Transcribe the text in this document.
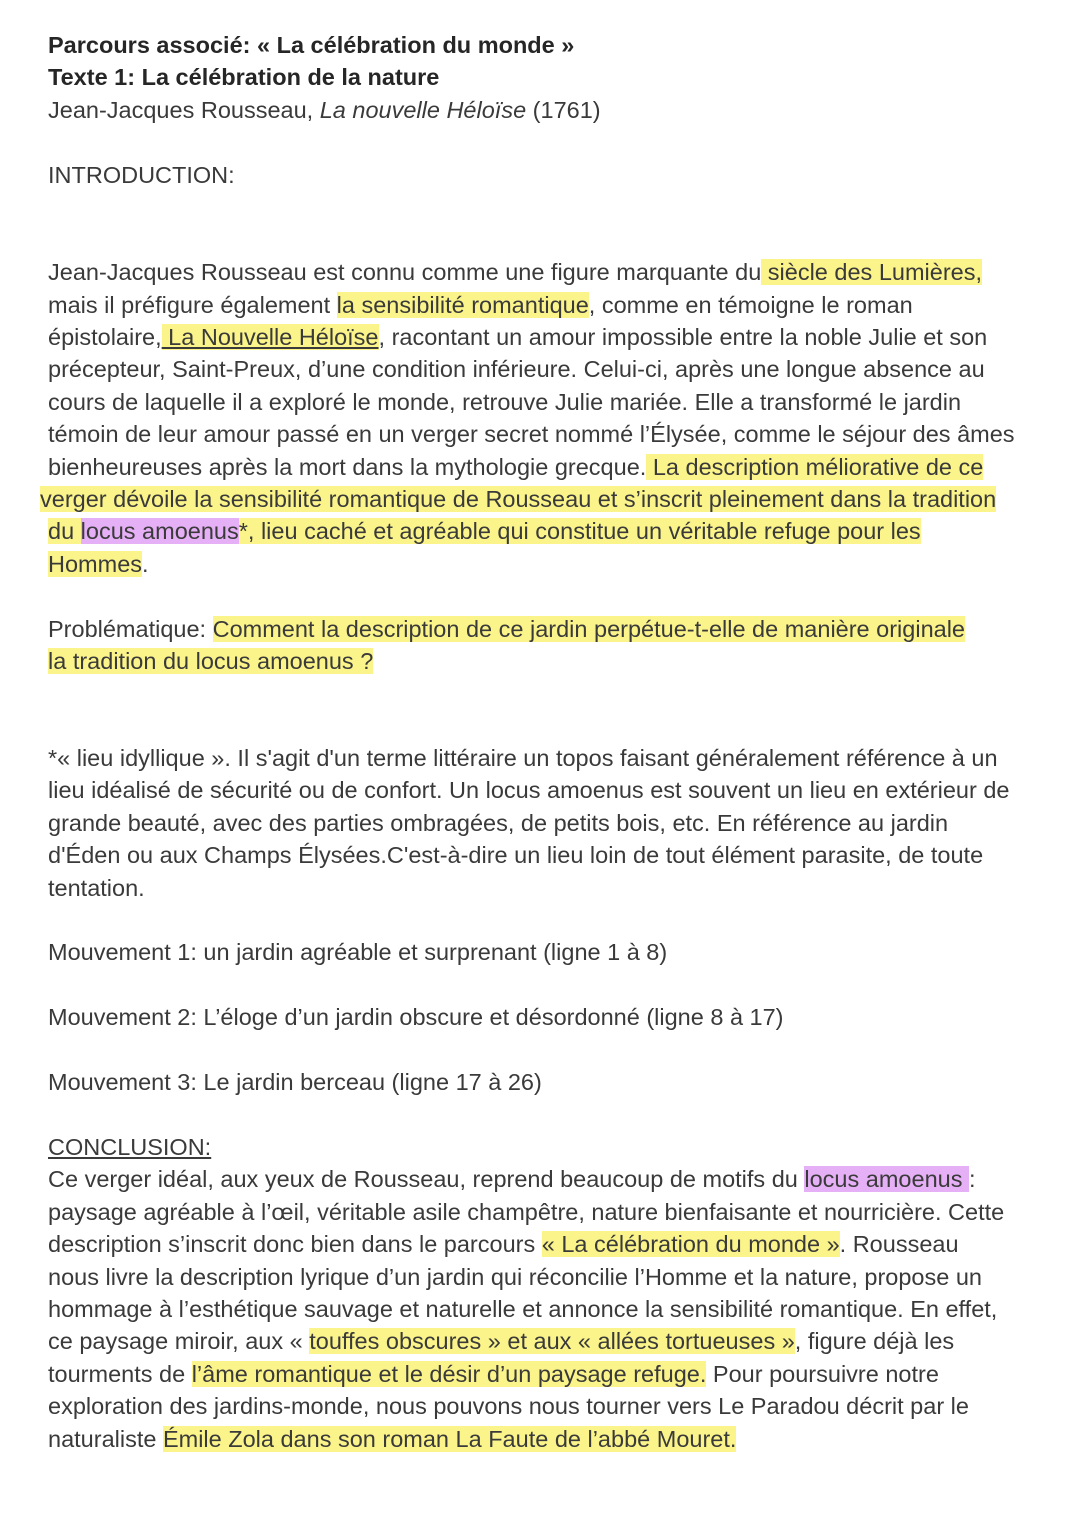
Parcours associé: « La célébration du monde »

Texte 1: La célébration de la nature

Jean-Jacques Rousseau, La nouvelle Héloïse (1761)

INTRODUCTION:

Jean-Jacques Rousseau est connu comme une figure marquante du siècle des Lumières,

mais il préfigure également la sensibilité romantique, comme en témoigne le roman

épistolaire, La Nouvelle Héloïse, racontant un amour impossible entre la noble Julie et son

précepteur, Saint-Preux, d’une condition inférieure. Celui-ci, après une longue absence au

cours de laquelle il a exploré le monde, retrouve Julie mariée. Elle a transformé le jardin

témoin de leur amour passé en un verger secret nommé l’Élysée, comme le séjour des âmes

bienheureuses après la mort dans la mythologie grecque. La description méliorative de ce

verger dévoile la sensibilité romantique de Rousseau et s’inscrit pleinement dans la tradition

du locus amoenus*, lieu caché et agréable qui constitue un véritable refuge pour les

Hommes.

Problématique: Comment la description de ce jardin perpétue-t-elle de manière originale

la tradition du locus amoenus ?

*« lieu idyllique ». Il s'agit d'un terme littéraire un topos faisant généralement référence à un

lieu idéalisé de sécurité ou de confort. Un locus amoenus est souvent un lieu en extérieur de

grande beauté, avec des parties ombragées, de petits bois, etc. En référence au jardin

d'Éden ou aux Champs Élysées.C'est-à-dire un lieu loin de tout élément parasite, de toute

tentation.

Mouvement 1: un jardin agréable et surprenant (ligne 1 à 8)

Mouvement 2: L’éloge d’un jardin obscure et désordonné (ligne 8 à 17)

Mouvement 3: Le jardin berceau (ligne 17 à 26)

CONCLUSION:

Ce verger idéal, aux yeux de Rousseau, reprend beaucoup de motifs du locus amoenus :

paysage agréable à l’œil, véritable asile champêtre, nature bienfaisante et nourricière. Cette

description s’inscrit donc bien dans le parcours « La célébration du monde ». Rousseau

nous livre la description lyrique d’un jardin qui réconcilie l’Homme et la nature, propose un

hommage à l’esthétique sauvage et naturelle et annonce la sensibilité romantique. En effet,

ce paysage miroir, aux « touffes obscures » et aux « allées tortueuses », figure déjà les

tourments de l’âme romantique et le désir d’un paysage refuge. Pour poursuivre notre

exploration des jardins-monde, nous pouvons nous tourner vers Le Paradou décrit par le

naturaliste Émile Zola dans son roman La Faute de l’abbé Mouret.
